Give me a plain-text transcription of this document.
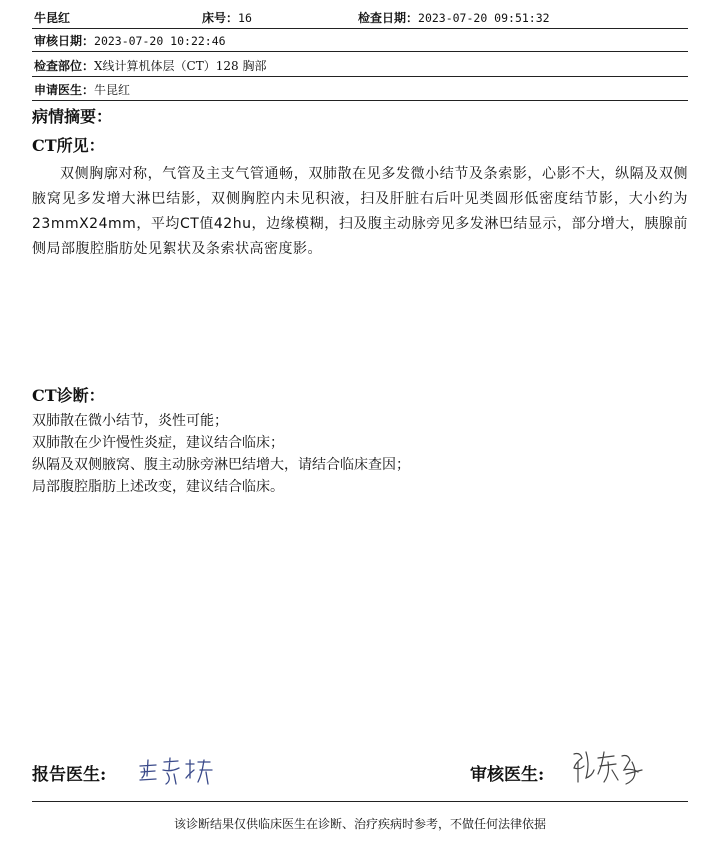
牛昆红	床号：16	检查日期：2023-07-20 09:51:32
审核日期：2023-07-20 10:22:46
检查部位：X线计算机体层（CT）128 胸部
申请医生：牛昆红
病情摘要：
CT所见：
双侧胸廓对称，气管及主支气管通畅，双肺散在见多发微小结节及条索影，心影不大，纵隔及双侧腋窝见多发增大淋巴结影，双侧胸腔内未见积液，扫及肝脏右后叶见类圆形低密度结节影，大小约为23mmX24mm，平均CT值42hu，边缘模糊，扫及腹主动脉旁见多发淋巴结显示，部分增大，胰腺前侧局部腹腔脂肪处见絮状及条索状高密度影。
CT诊断：
双肺散在微小结节，炎性可能；
双肺散在少许慢性炎症，建议结合临床；
纵隔及双侧腋窝、腹主动脉旁淋巴结增大，请结合临床查因；
局部腹腔脂肪上述改变，建议结合临床。
报告医生:	审核医生:
该诊断结果仅供临床医生在诊断、治疗疾病时参考，不做任何法律依据
